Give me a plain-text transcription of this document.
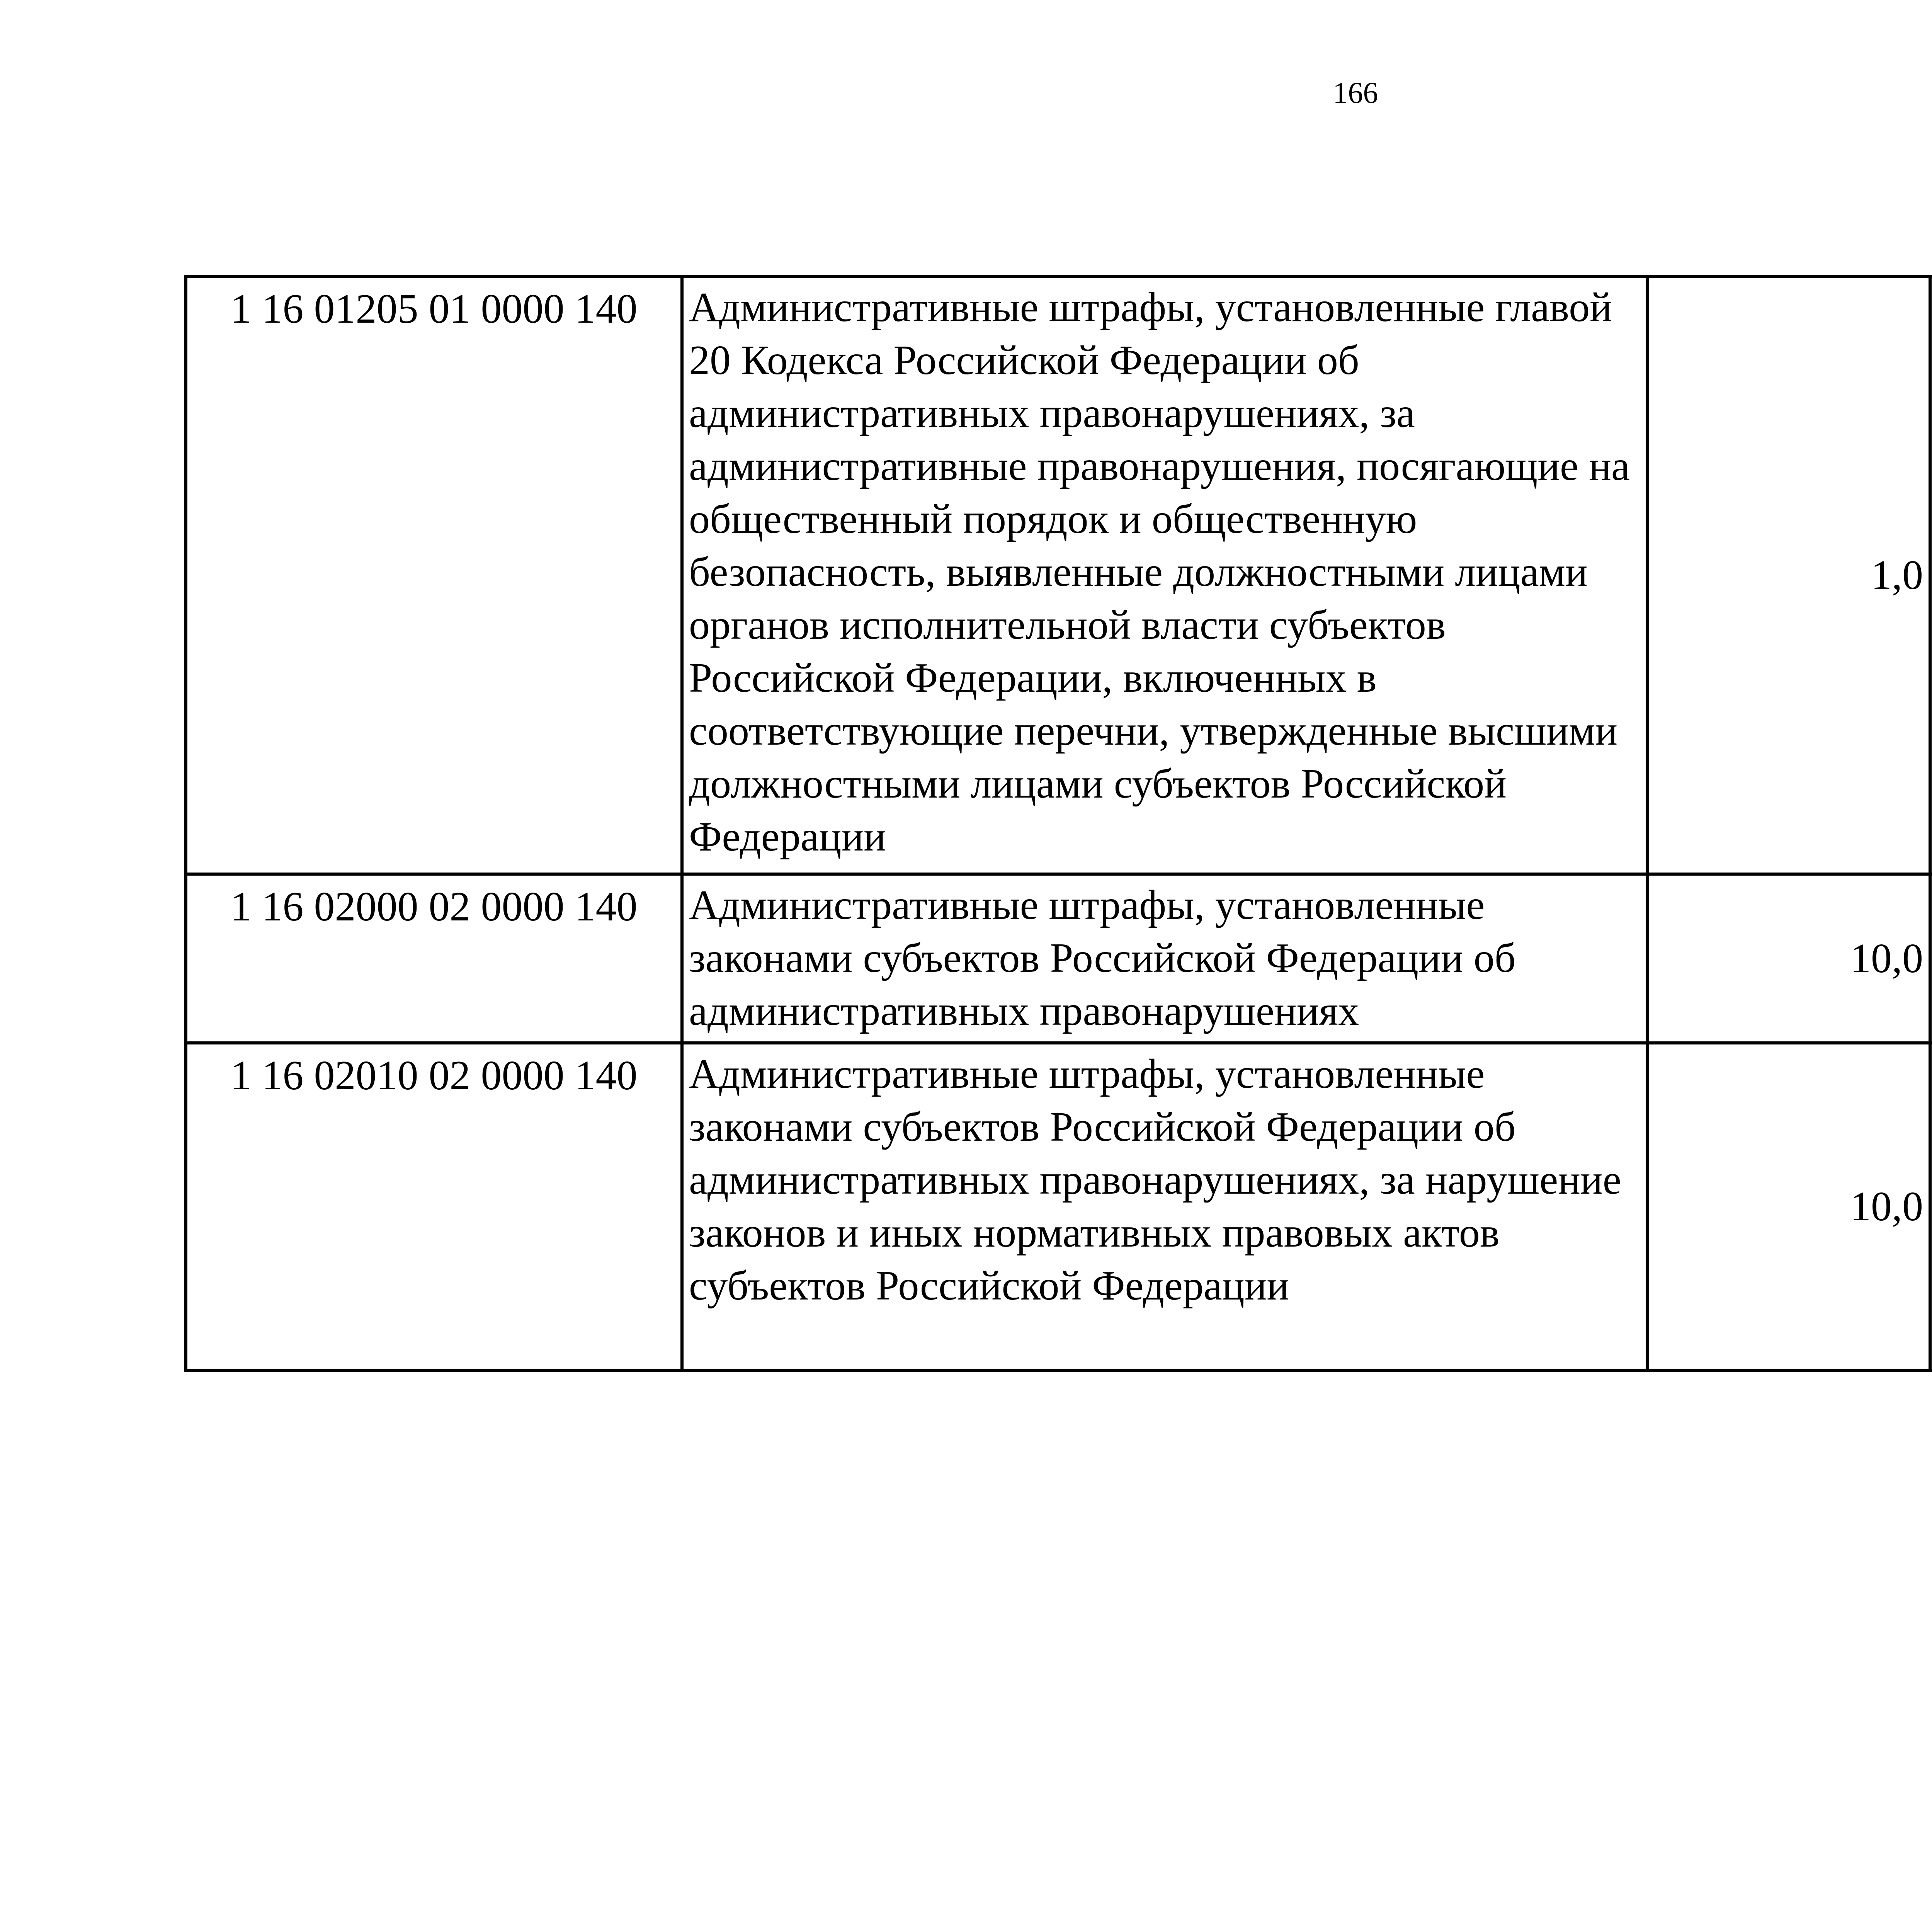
166
1 16 01205 01 0000 140	Административные штрафы, установленные главой 20 Кодекса Российской Федерации об административных правонарушениях, за административные правонарушения, посягающие на общественный порядок и общественную безопасность, выявленные должностными лицами органов исполнительной власти субъектов Российской Федерации, включенных в соответствующие перечни, утвержденные высшими должностными лицами субъектов Российской Федерации	1,0		
1 16 02000 02 0000 140	Административные штрафы, установленные законами субъектов Российской Федерации об административных правонарушениях	10,0		
1 16 02010 02 0000 140	Административные штрафы, установленные законами субъектов Российской Федерации об административных правонарушениях, за нарушение законов и иных нормативных правовых актов субъектов Российской Федерации	10,0		
